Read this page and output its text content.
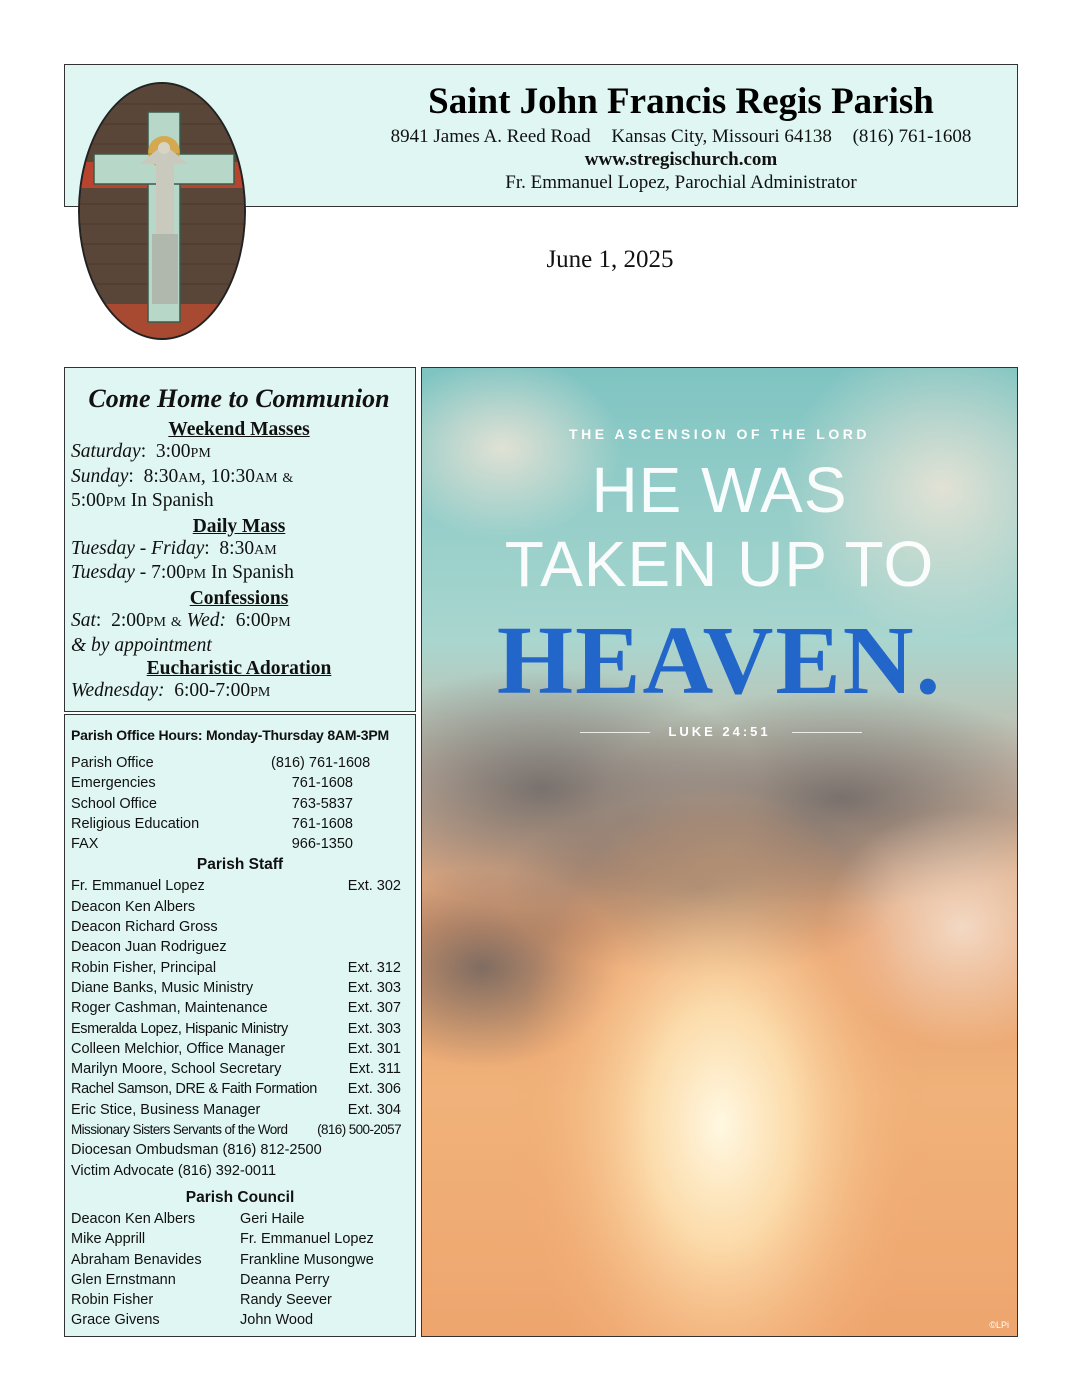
Saint John Francis Regis Parish
8941 James A. Reed Road Kansas City, Missouri 64138 (816) 761-1608
www.stregischurch.com
Fr. Emmanuel Lopez, Parochial Administrator
June 1, 2025
Come Home to Communion
Weekend Masses
Saturday:  3:00PM
Sunday:  8:30AM, 10:30AM &
5:00PM In Spanish
Daily Mass
Tuesday - Friday:  8:30AM
Tuesday - 7:00PM In Spanish
Confessions
Sat:  2:00PM & Wed: 6:00PM
& by appointment
Eucharistic Adoration
Wednesday: 6:00-7:00PM
Parish Office Hours: Monday-Thursday 8AM-3PM
Parish Office	(816) 761-1608
Emergencies	761-1608
School Office	763-5837
Religious Education	761-1608
FAX	966-1350
Parish Staff
Fr. Emmanuel Lopez	Ext. 302
Deacon Ken Albers
Deacon Richard Gross
Deacon Juan Rodriguez
Robin Fisher, Principal	Ext. 312
Diane Banks, Music Ministry	Ext. 303
Roger Cashman, Maintenance	Ext. 307
Esmeralda Lopez, Hispanic Ministry	Ext. 303
Colleen Melchior, Office Manager	Ext. 301
Marilyn Moore, School Secretary	Ext. 311
Rachel Samson, DRE & Faith Formation	Ext. 306
Eric Stice, Business Manager	Ext. 304
Missionary Sisters Servants of the Word (816) 500-2057
Diocesan Ombudsman (816) 812-2500
Victim Advocate (816) 392-0011
Parish Council
Deacon Ken Albers	Geri Haile
Mike Apprill	Fr. Emmanuel Lopez
Abraham Benavides	Frankline Musongwe
Glen Ernstmann	Deanna Perry
Robin Fisher	Randy Seever
Grace Givens	John Wood
THE ASCENSION OF THE LORD
HE WAS
TAKEN UP TO
HEAVEN.
LUKE 24:51
©LPi
